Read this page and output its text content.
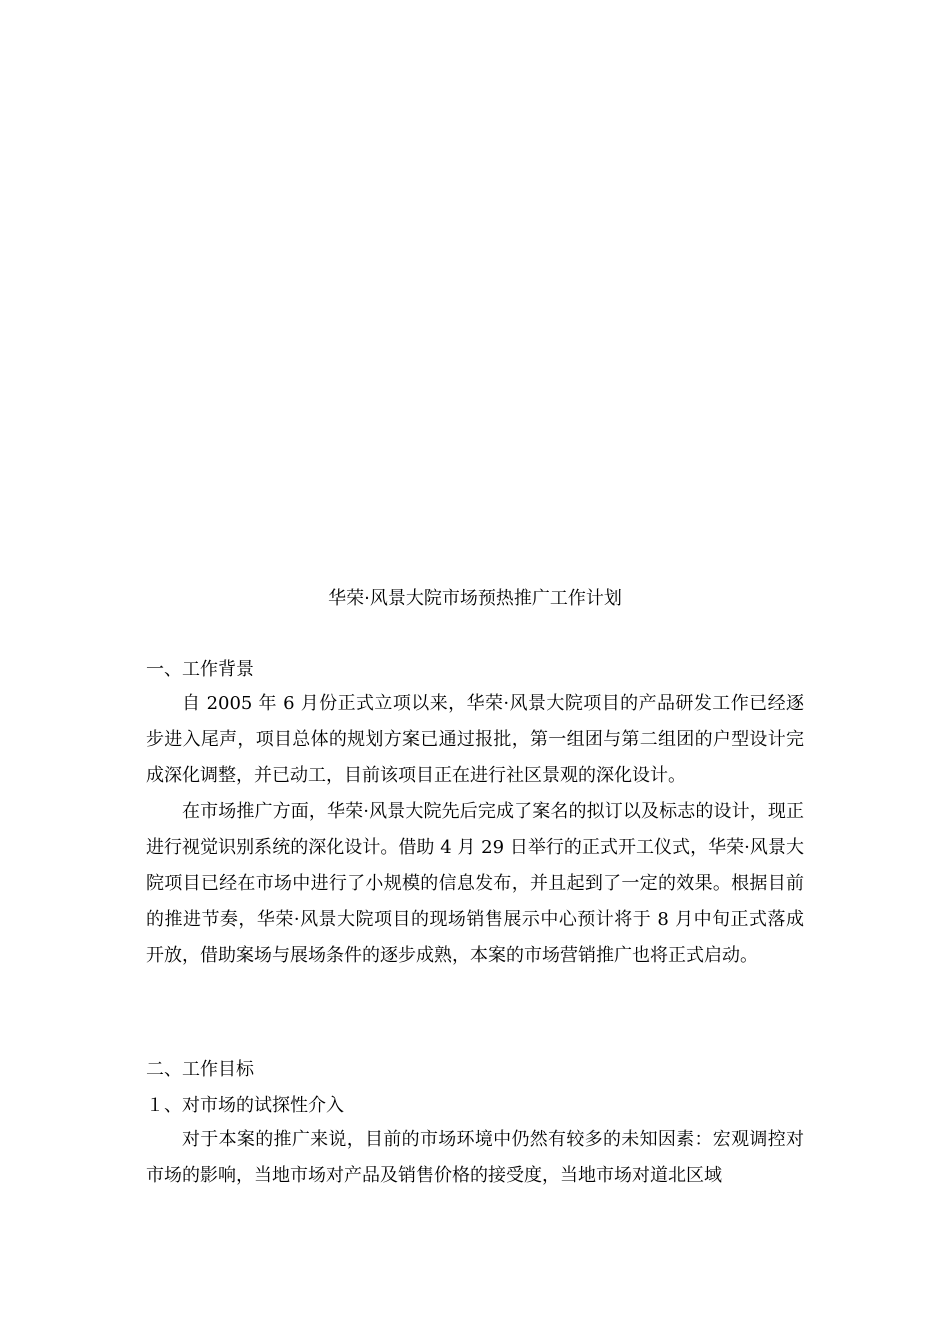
华荣·风景大院市场预热推广工作计划
一、工作背景

自 2005 年 6 月份正式立项以来，华荣·风景大院项目的产品研发工作已经逐步进入尾声，项目总体的规划方案已通过报批，第一组团与第二组团的户型设计完成深化调整，并已动工，目前该项目正在进行社区景观的深化设计。

在市场推广方面，华荣·风景大院先后完成了案名的拟订以及标志的设计，现正进行视觉识别系统的深化设计。借助 4 月 29 日举行的正式开工仪式，华荣·风景大院项目已经在市场中进行了小规模的信息发布，并且起到了一定的效果。根据目前的推进节奏，华荣·风景大院项目的现场销售展示中心预计将于 8 月中旬正式落成开放，借助案场与展场条件的逐步成熟，本案的市场营销推广也将正式启动。

二、工作目标
１、对市场的试探性介入

对于本案的推广来说，目前的市场环境中仍然有较多的未知因素：宏观调控对市场的影响，当地市场对产品及销售价格的接受度，当地市场对道北区域
